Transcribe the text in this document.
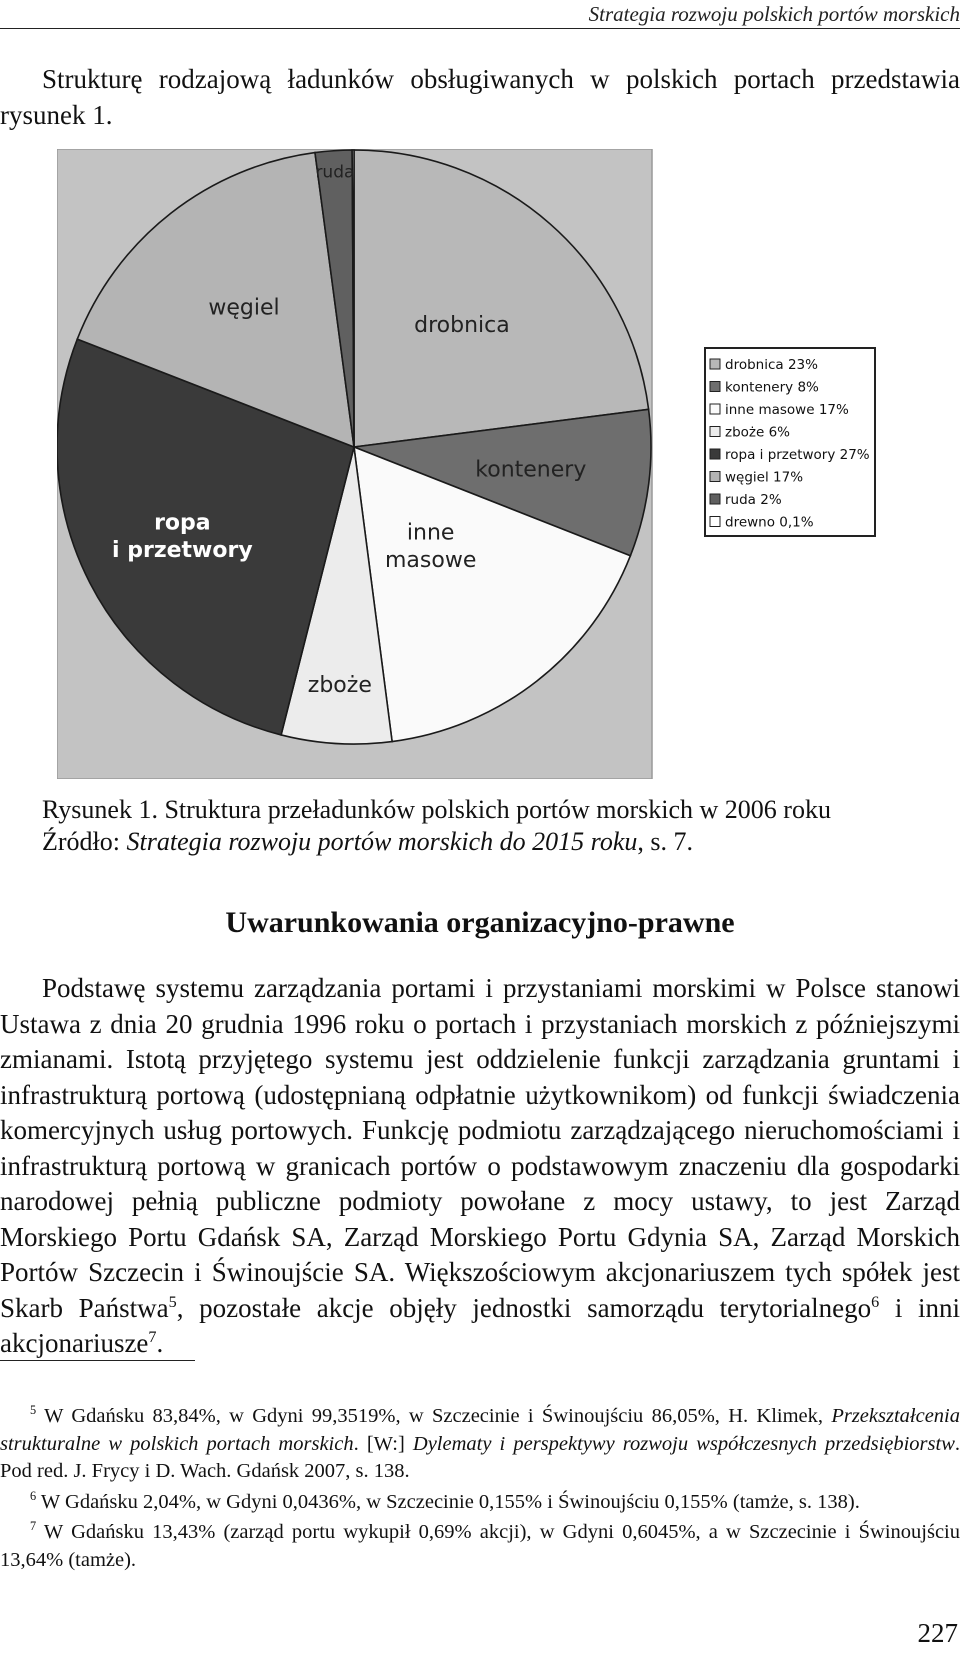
Strategia rozwoju polskich portów morskich

Strukturę rodzajową ładunków obsługiwanych w polskich portach przedstawia rysunek 1.

drobnica
kontenery
inne masowe
zboże
ropa i przetwory
węgiel
ruda
drobnica 23%
kontenery 8%
inne masowe 17%
zboże 6%
ropa i przetwory 27%
węgiel 17%
ruda 2%
drewno 0,1%
Rysunek 1. Struktura przeładunków polskich portów morskich w 2006 roku
Źródło: Strategia rozwoju portów morskich do 2015 roku, s. 7.
Uwarunkowania organizacyjno-prawne

Podstawę systemu zarządzania portami i przystaniami morskimi w Polsce stanowi Ustawa z dnia 20 grudnia 1996 roku o portach i przystaniach morskich z późniejszymi zmianami. Istotą przyjętego systemu jest oddzielenie funkcji zarządzania gruntami i infrastrukturą portową (udostępnianą odpłatnie użytkownikom) od funkcji świadczenia komercyjnych usług portowych. Funkcję podmiotu zarządzającego nieruchomościami i infrastrukturą portową w granicach portów o podstawowym znaczeniu dla gospodarki narodowej pełnią publiczne podmioty powołane z mocy ustawy, to jest Zarząd Morskiego Portu Gdańsk SA, Zarząd Morskiego Portu Gdynia SA, Zarząd Morskich Portów Szczecin i Świnoujście SA. Większościowym akcjonariuszem tych spółek jest Skarb Państwa$^5$, pozostałe akcje objęły jednostki samorządu terytorialnego$^6$ i inni akcjonariusze$^7$.

$^5$ W Gdańsku 83,84%, w Gdyni 99,3519%, w Szczecinie i Świnoujściu 86,05%, H. Klimek, Przekształcenia strukturalne w polskich portach morskich. [W:] Dylematy i perspektywy rozwoju współczesnych przedsiębiorstw. Pod red. J. Frycy i D. Wach. Gdańsk 2007, s. 138.

$^6$ W Gdańsku 2,04%, w Gdyni 0,0436%, w Szczecinie 0,155% i Świnoujściu 0,155% (tamże, s. 138).

$^7$ W Gdańsku 13,43% (zarząd portu wykupił 0,69% akcji), w Gdyni 0,6045%, a w Szczecinie i Świnoujściu 13,64% (tamże).

227
